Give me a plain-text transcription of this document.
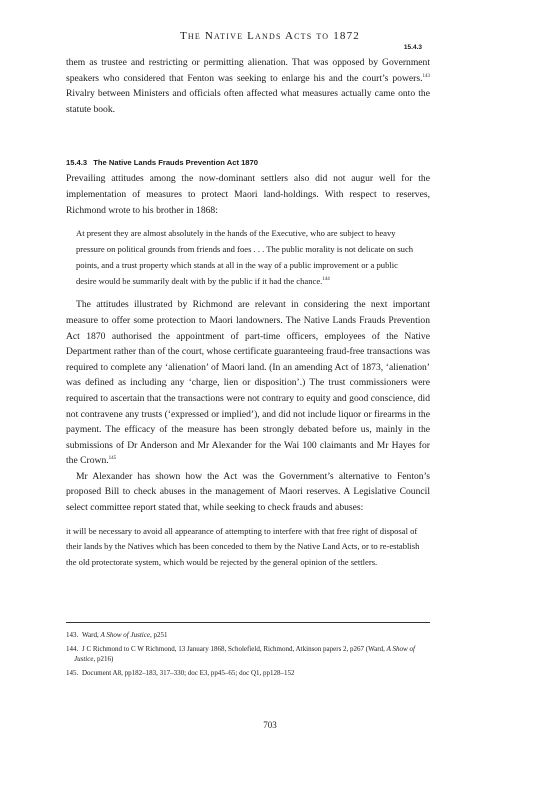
The Native Lands Acts to 1872
15.4.3

them as trustee and restricting or permitting alienation. That was opposed by Government speakers who considered that Fenton was seeking to enlarge his and the court’s powers.$^{143}$ Rivalry between Ministers and officials often affected what measures actually came onto the statute book.

15.4.3 The Native Lands Frauds Prevention Act 1870

Prevailing attitudes among the now-dominant settlers also did not augur well for the implementation of measures to protect Maori land-holdings. With respect to reserves, Richmond wrote to his brother in 1868:

At present they are almost absolutely in the hands of the Executive, who are subject to heavy pressure on political grounds from friends and foes . . . The public morality is not delicate on such points, and a trust property which stands at all in the way of a public improvement or a public desire would be summarily dealt with by the public if it had the chance.$^{144}$

The attitudes illustrated by Richmond are relevant in considering the next important measure to offer some protection to Maori landowners. The Native Lands Frauds Prevention Act 1870 authorised the appointment of part-time officers, employees of the Native Department rather than of the court, whose certificate guaranteeing fraud-free transactions was required to complete any ‘alienation’ of Maori land. (In an amending Act of 1873, ‘alienation’ was defined as including any ‘charge, lien or disposition’.) The trust commissioners were required to ascertain that the transactions were not contrary to equity and good conscience, did not contravene any trusts (‘expressed or implied’), and did not include liquor or firearms in the payment. The efficacy of the measure has been strongly debated before us, mainly in the submissions of Dr Anderson and Mr Alexander for the Wai 100 claimants and Mr Hayes for the Crown.$^{145}$

Mr Alexander has shown how the Act was the Government’s alternative to Fenton’s proposed Bill to check abuses in the management of Maori reserves. A Legislative Council select committee report stated that, while seeking to check frauds and abuses:

it will be necessary to avoid all appearance of attempting to interfere with that free right of disposal of their lands by the Natives which has been conceded to them by the Native Land Acts, or to re-establish the old protectorate system, which would be rejected by the general opinion of the settlers.

143. Ward, A Show of Justice, p251

144. J C Richmond to C W Richmond, 13 January 1868, Scholefield, Richmond, Atkinson papers 2, p267 (Ward, A Show of Justice, p216)

145. Document A8, pp182–183, 317–330; doc E3, pp45–65; doc Q1, pp128–152

703
